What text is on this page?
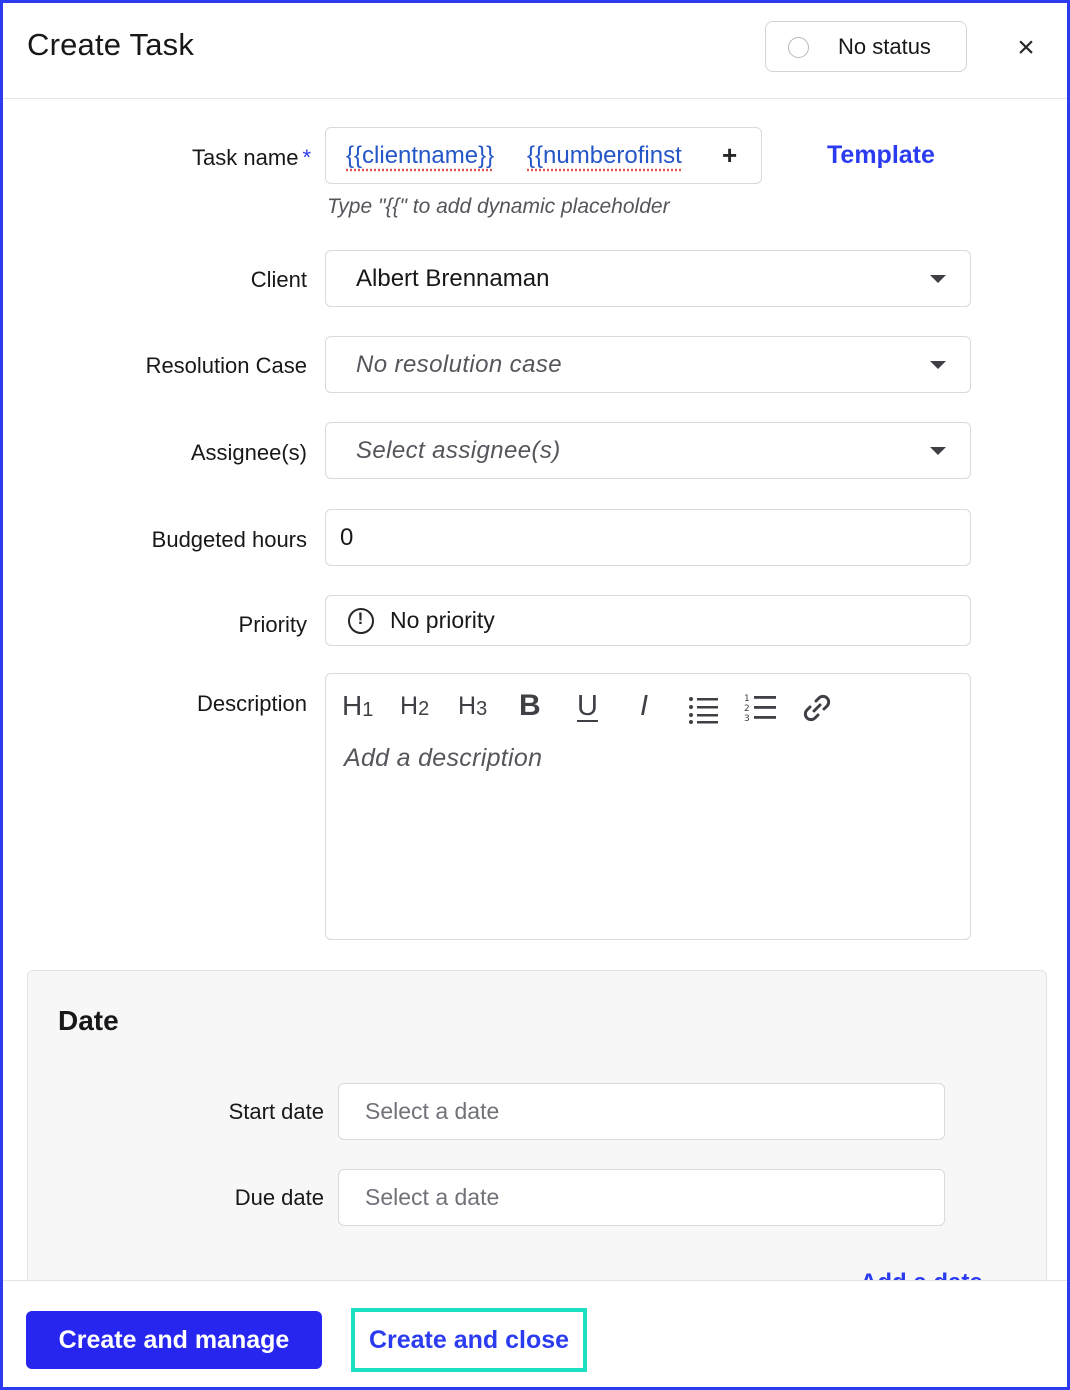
Create Task	No status	×
Task name * {{clientname}} {{numberofinst +	Template
Type "{{" to add dynamic placeholder
Client Albert Brennaman
Resolution Case No resolution case
Assignee(s) Select assignee(s)
Budgeted hours 0
Priority
!	No priority
Description $H_1$ $H_2$ $H_3$ B U I	1
2
3
Add a description
Date
Start date Select a date
Due date Select a date
Create and manage	Create and close
